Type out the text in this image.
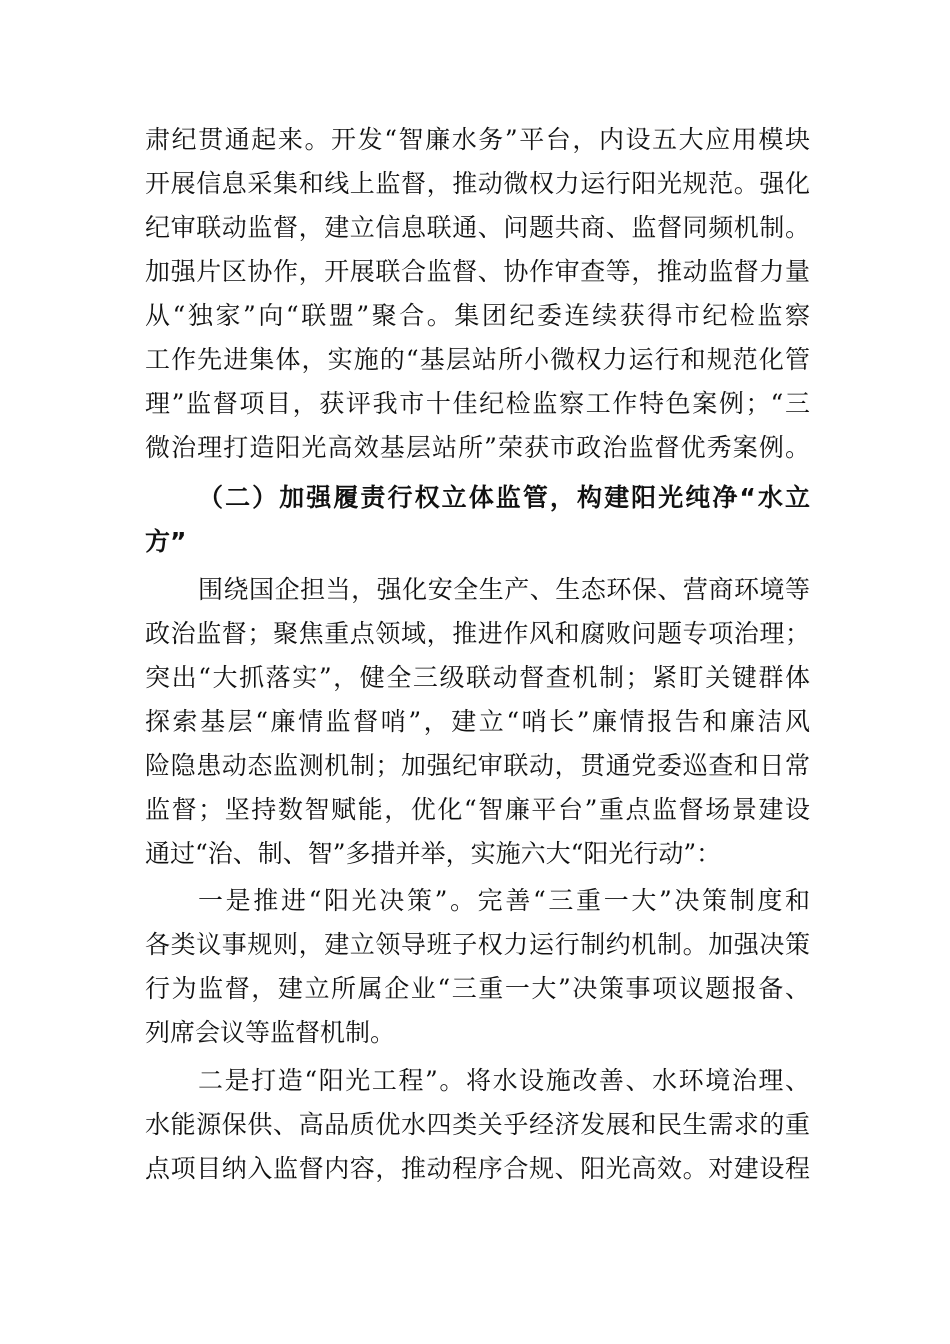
肃纪贯通起来。开发“智廉水务”平台，内设五大应用模块
开展信息采集和线上监督，推动微权力运行阳光规范。强化
纪审联动监督，建立信息联通、问题共商、监督同频机制。
加强片区协作，开展联合监督、协作审查等，推动监督力量
从“独家”向“联盟”聚合。集团纪委连续获得市纪检监察
工作先进集体，实施的“基层站所小微权力运行和规范化管
理”监督项目，获评我市十佳纪检监察工作特色案例；“三
微治理打造阳光高效基层站所”荣获市政治监督优秀案例。
（二）加强履责行权立体监管，构建阳光纯净“水立
方”
围绕国企担当，强化安全生产、生态环保、营商环境等
政治监督；聚焦重点领域，推进作风和腐败问题专项治理；
突出“大抓落实”，健全三级联动督查机制；紧盯关键群体
探索基层“廉情监督哨”，建立“哨长”廉情报告和廉洁风
险隐患动态监测机制；加强纪审联动，贯通党委巡查和日常
监督；坚持数智赋能，优化“智廉平台”重点监督场景建设
通过“治、制、智”多措并举，实施六大“阳光行动”：
一是推进“阳光决策”。完善“三重一大”决策制度和
各类议事规则，建立领导班子权力运行制约机制。加强决策
行为监督，建立所属企业“三重一大”决策事项议题报备、
列席会议等监督机制。
二是打造“阳光工程”。将水设施改善、水环境治理、
水能源保供、高品质优水四类关乎经济发展和民生需求的重
点项目纳入监督内容，推动程序合规、阳光高效。对建设程
